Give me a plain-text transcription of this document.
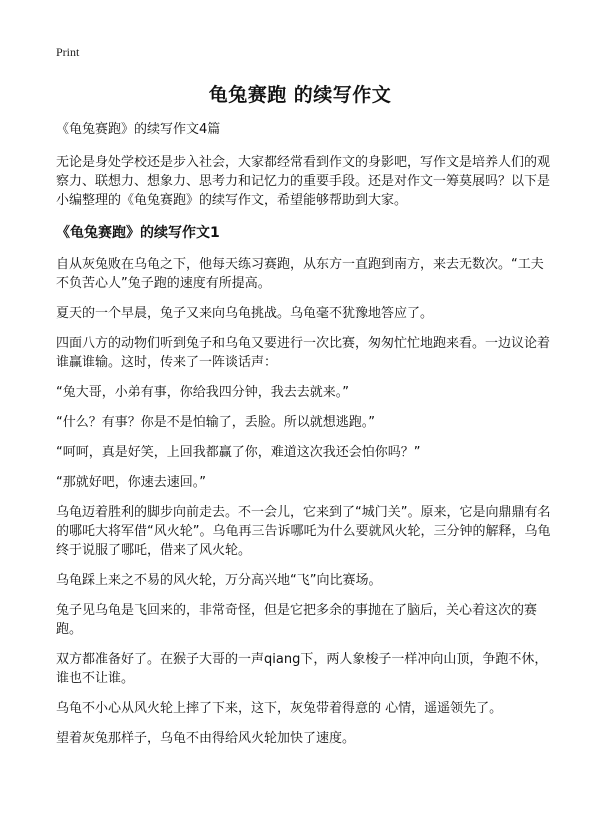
Print
龟兔赛跑 的续写作文

《龟兔赛跑》的续写作文4篇

无论是身处学校还是步入社会，大家都经常看到作文的身影吧，写作文是培养人们的观察力、联想力、想象力、思考力和记忆力的重要手段。还是对作文一筹莫展吗？以下是小编整理的《龟兔赛跑》的续写作文，希望能够帮助到大家。

《龟兔赛跑》的续写作文1

自从灰兔败在乌龟之下，他每天练习赛跑，从东方一直跑到南方，来去无数次。“工夫不负苦心人”兔子跑的速度有所提高。

夏天的一个早晨，兔子又来向乌龟挑战。乌龟毫不犹豫地答应了。

四面八方的动物们听到兔子和乌龟又要进行一次比赛，匆匆忙忙地跑来看。一边议论着谁赢谁输。这时，传来了一阵谈话声：

“兔大哥，小弟有事，你给我四分钟，我去去就来。”

“什么？有事？你是不是怕输了，丢脸。所以就想逃跑。”

“呵呵，真是好笑，上回我都赢了你，难道这次我还会怕你吗？”

“那就好吧，你速去速回。”

乌龟迈着胜利的脚步向前走去。不一会儿，它来到了“城门关”。原来，它是向鼎鼎有名的哪吒大将军借“风火轮”。乌龟再三告诉哪吒为什么要就风火轮，三分钟的解释，乌龟终于说服了哪吒，借来了风火轮。

乌龟踩上来之不易的风火轮，万分高兴地“飞”向比赛场。

兔子见乌龟是飞回来的，非常奇怪，但是它把多余的事抛在了脑后，关心着这次的赛跑。

双方都准备好了。在猴子大哥的一声qiang下，两人象梭子一样冲向山顶，争跑不休，谁也不让谁。

乌龟不小心从风火轮上摔了下来，这下，灰兔带着得意的 心情，遥遥领先了。

望着灰兔那样子，乌龟不由得给风火轮加快了速度。
